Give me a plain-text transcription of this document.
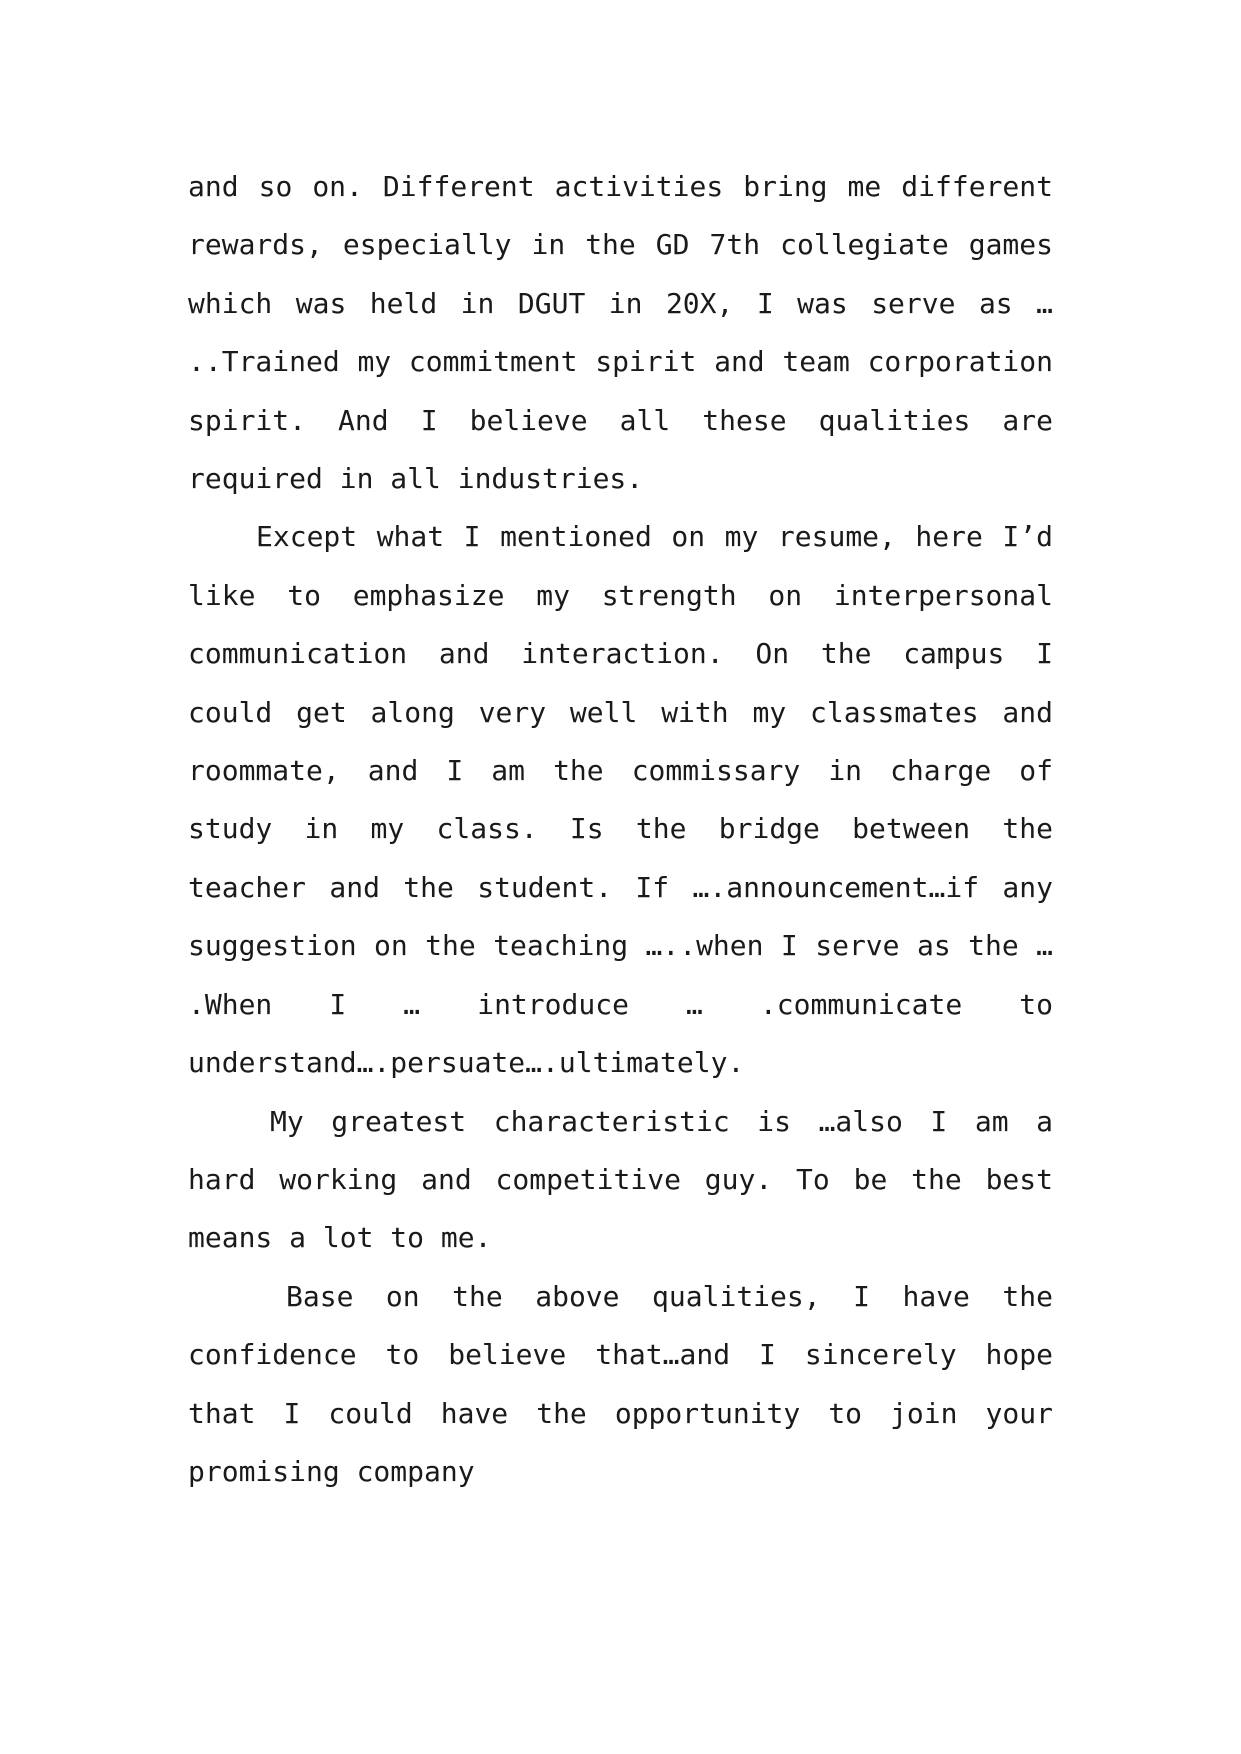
and so on. Different activities bring me different rewards, especially in the GD 7th collegiate games which was held in DGUT in 20X, I was serve as … ..Trained my commitment spirit and team corporation spirit. And I believe all these qualities are required in all industries.

Except what I mentioned on my resume, here I’d like to emphasize my strength on interpersonal communication and interaction. On the campus I could get along very well with my classmates and roommate, and I am the commissary in charge of study in my class. Is the bridge between the teacher and the student. If ….announcement…if any suggestion on the teaching …..when I serve as the … .When I … introduce … .communicate to understand….persuate….ultimately.

My greatest characteristic is …also I am a hard working and competitive guy. To be the best means a lot to me.

Base on the above qualities, I have the confidence to believe that…and I sincerely hope that I could have the opportunity to join your promising company
